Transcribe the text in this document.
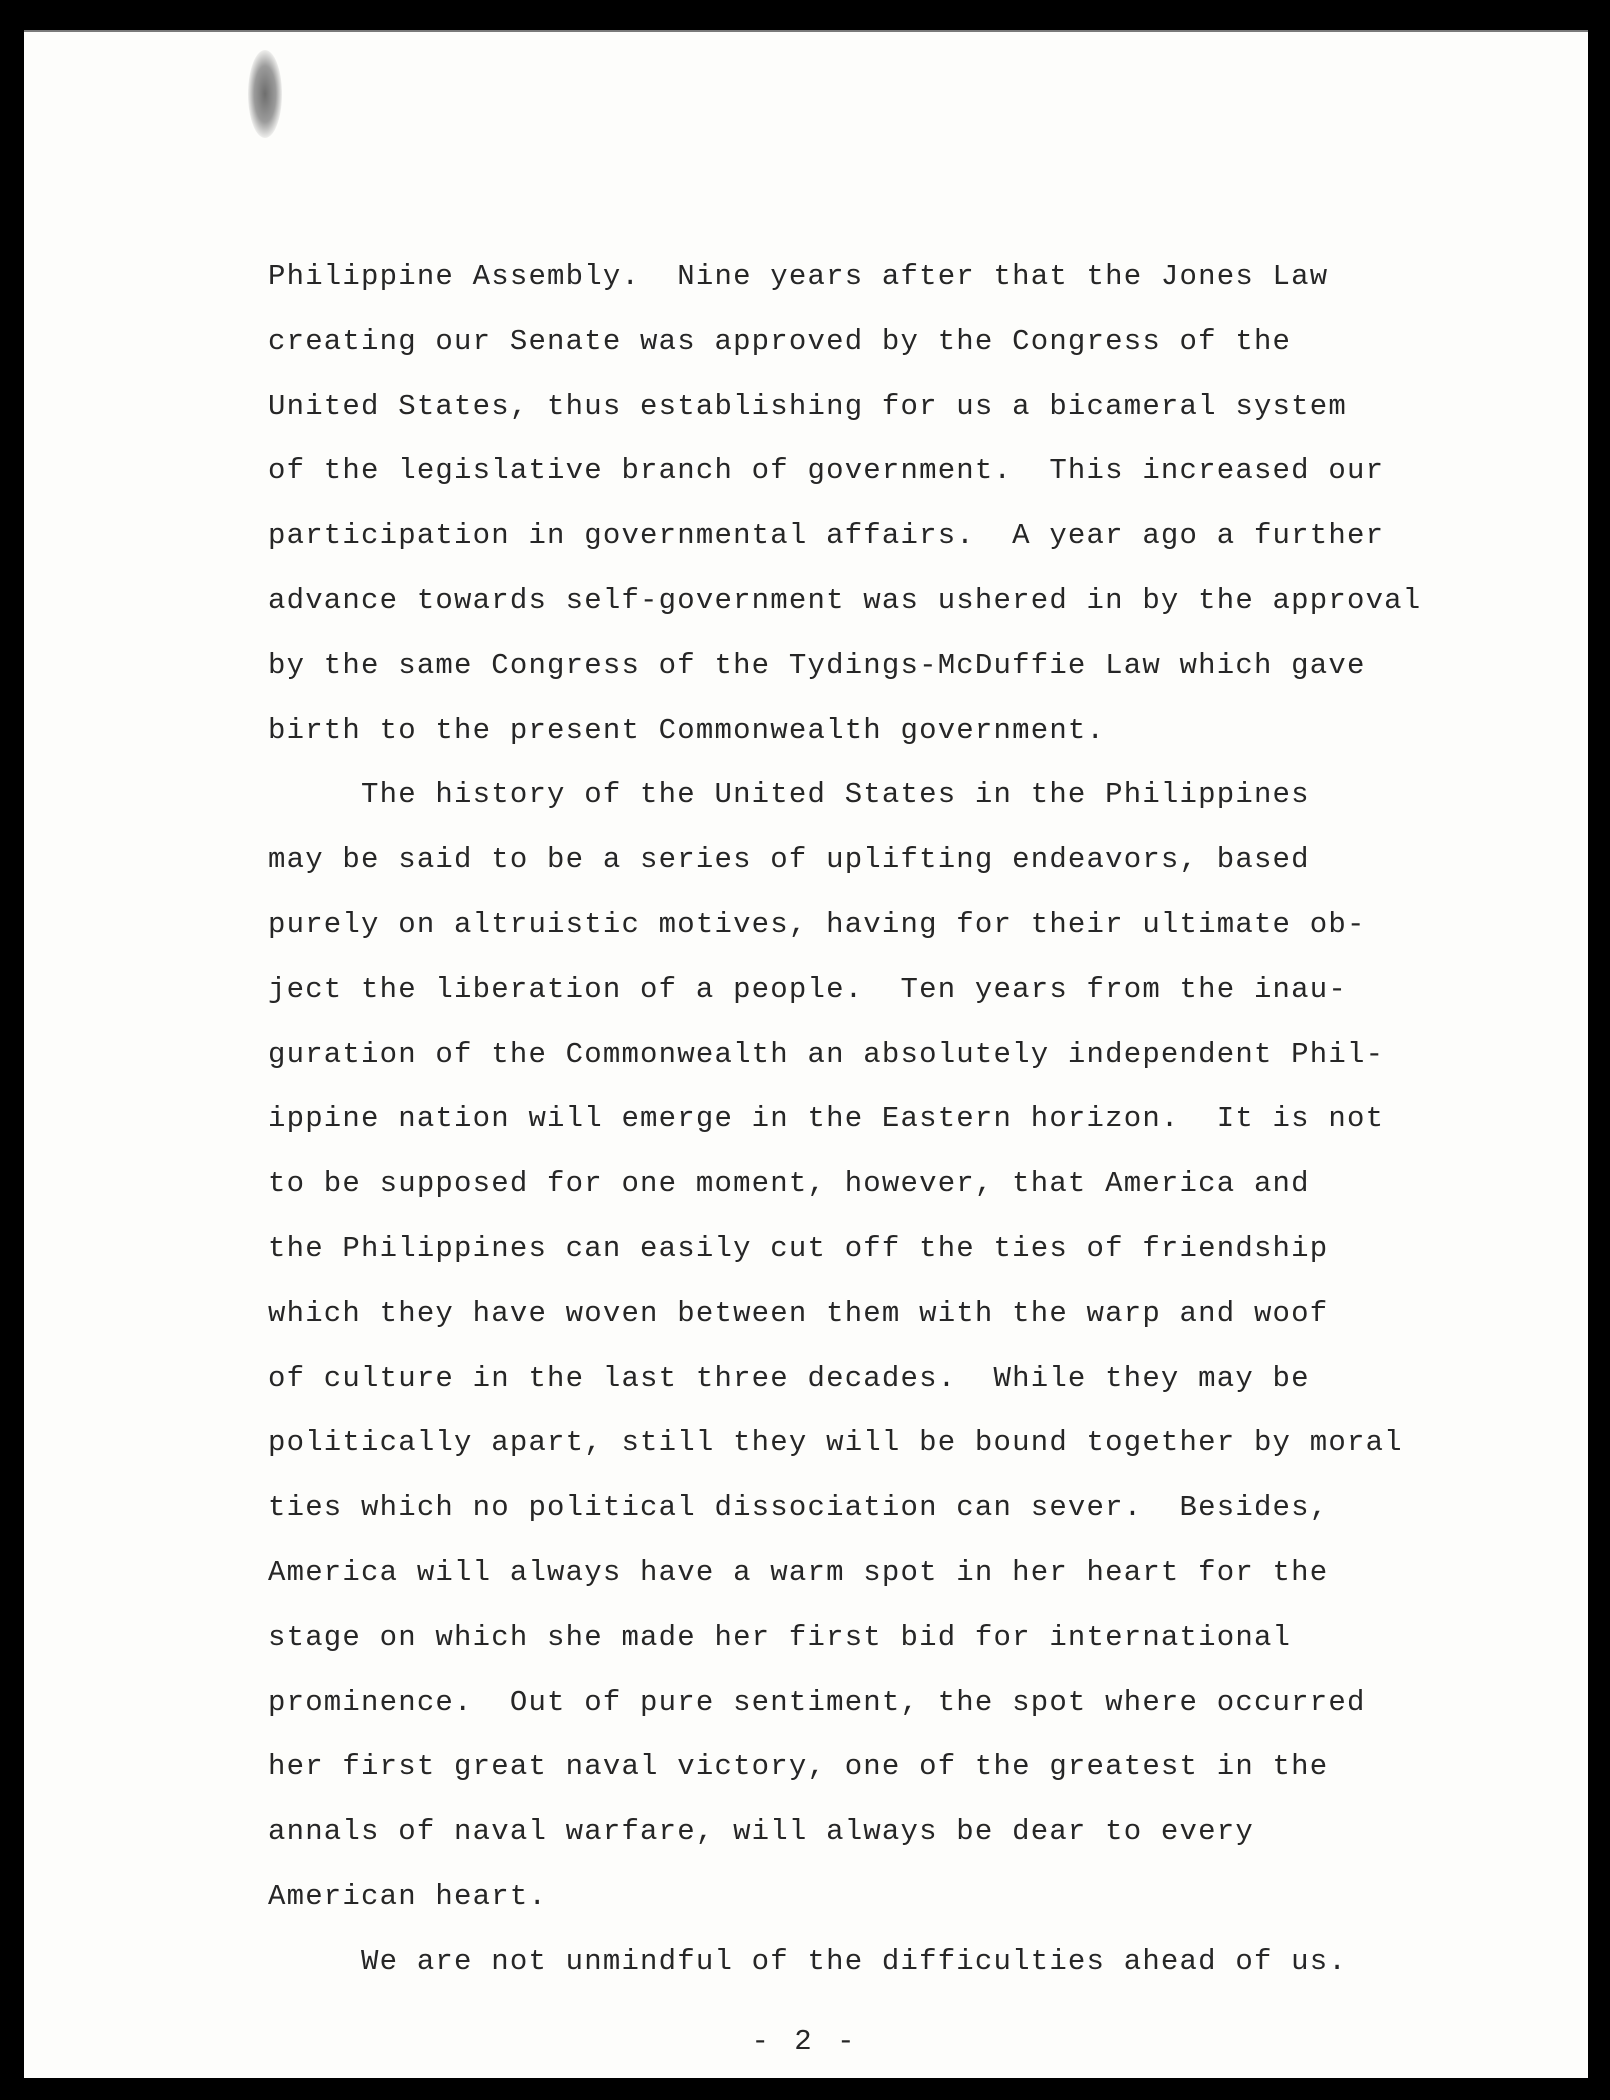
Philippine Assembly.  Nine years after that the Jones Law
creating our Senate was approved by the Congress of the
United States, thus establishing for us a bicameral system
of the legislative branch of government.  This increased our
participation in governmental affairs.  A year ago a further
advance towards self-government was ushered in by the approval
by the same Congress of the Tydings-McDuffie Law which gave
birth to the present Commonwealth government.
The history of the United States in the Philippines
may be said to be a series of uplifting endeavors, based
purely on altruistic motives, having for their ultimate ob-
ject the liberation of a people.  Ten years from the inau-
guration of the Commonwealth an absolutely independent Phil-
ippine nation will emerge in the Eastern horizon.  It is not
to be supposed for one moment, however, that America and
the Philippines can easily cut off the ties of friendship
which they have woven between them with the warp and woof
of culture in the last three decades.  While they may be
politically apart, still they will be bound together by moral
ties which no political dissociation can sever.  Besides,
America will always have a warm spot in her heart for the
stage on which she made her first bid for international
prominence.  Out of pure sentiment, the spot where occurred
her first great naval victory, one of the greatest in the
annals of naval warfare, will always be dear to every
American heart.
We are not unmindful of the difficulties ahead of us.
- 2 -
